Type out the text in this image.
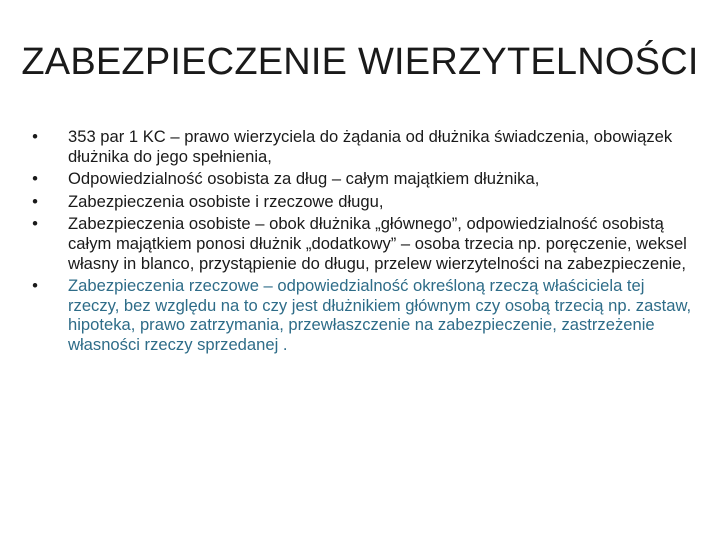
ZABEZPIECZENIE WIERZYTELNOŚCI
• 353 par 1 KC – prawo wierzyciela do żądania od dłużnika świadczenia, obowiązek dłużnika do jego spełnienia,
• Odpowiedzialność osobista za dług – całym majątkiem dłużnika,
• Zabezpieczenia osobiste i rzeczowe długu,
• Zabezpieczenia osobiste – obok dłużnika „głównego”, odpowiedzialność osobistą całym majątkiem ponosi dłużnik „dodatkowy” – osoba trzecia np. poręczenie, weksel własny in blanco, przystąpienie do długu, przelew wierzytelności na zabezpieczenie,
• Zabezpieczenia rzeczowe – odpowiedzialność określoną rzeczą właściciela tej rzeczy, bez względu na to czy jest dłużnikiem głównym czy osobą trzecią np. zastaw, hipoteka, prawo zatrzymania, przewłaszczenie na zabezpieczenie, zastrzeżenie własności rzeczy sprzedanej .
